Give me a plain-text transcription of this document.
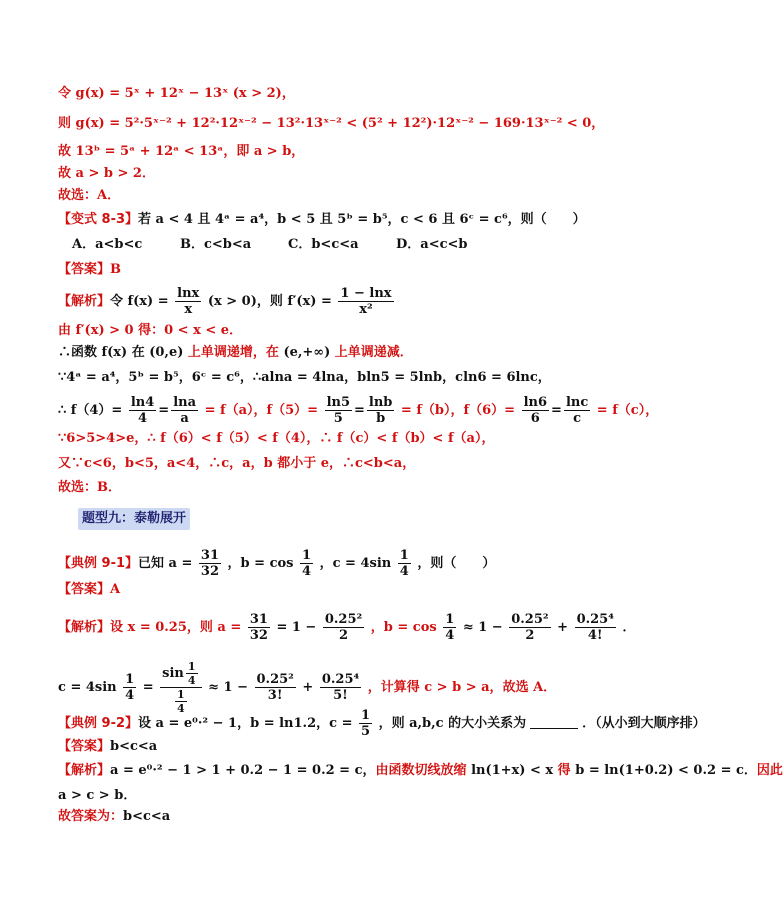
令 g(x) = 5ˣ + 12ˣ − 13ˣ (x > 2)，
则 g(x) = 5²·5ˣ⁻² + 12²·12ˣ⁻² − 13²·13ˣ⁻² < (5² + 12²)·12ˣ⁻² − 169·13ˣ⁻² < 0，
故 13ᵇ = 5ᵃ + 12ᵃ < 13ᵃ，即 a > b，
故 a > b > 2．
故选：A．
【变式 8-3】若 a < 4 且 4ᵃ = a⁴，b < 5 且 5ᵇ = b⁵，c < 6 且 6ᶜ = c⁶，则（　　）
A．a<b<c	B．c<b<a	C．b<c<a	D．a<c<b
【答案】B
【解析】令 $f(x) = \frac{\ln x}{x} (x > 0)$，则 $f'(x) = \frac{1 - \ln x}{\text{x²}}$
由 f′(x) > 0 得：0 < x < e．
∴函数 f(x) 在 (0,e) 上单调递增，在 (e,+∞) 上单调递减．
∵4ᵃ = a⁴，5ᵇ = b⁵，6ᶜ = c⁶，∴alna = 4lna，bln5 = 5lnb，cln6 = 6lnc，
∴ $f(4)= \frac{\ln 4}{4} = \frac{\ln a}{a} = f(a)$，$f(5)= \frac{\ln 5}{5} = \frac{\ln b}{b} = f(b)$，$f(6)= \frac{\ln 6}{6} = \frac{\ln c}{c} = f(c)$，
∵6>5>4>e，∴ f（6）< f（5）< f（4），∴ f（c）< f（b）< f（a），
又∵c<6，b<5，a<4，∴c，a，b 都小于 e，∴c<b<a，
故选：B．
题型九：泰勒展开
【典例 9-1】已知 $a = \frac{31}{32}$ ，$b = \cos \frac{1}{4}$ ，$c = 4\sin \frac{1}{4}$ ，则（　　）
【答案】A
【解析】设 x = 0.25，则 $a = \frac{31}{32} = 1 - \frac{\text{0.25²}}{2}$ ，$b = \cos \frac{1}{4} \approx 1 - \frac{\text{0.25²}}{2} + \frac{\text{0.25⁴}}{4!}$ ．
$c = 4\sin \frac{1}{4} = \frac{\sin \frac{1}{4}}{\frac{1}{4}} \approx 1 - \frac{\text{0.25²}}{3!} + \frac{\text{0.25⁴}}{5!}$ ，计算得 c > b > a，故选 A．
【典例 9-2】设 a = e⁰·² − 1，b = ln1.2，$c = \frac{1}{5}$ ，则 a,b,c 的大小关系为	．（从小到大顺序排）
【答案】b<c<a
【解析】a = e⁰·² − 1 > 1 + 0.2 − 1 = 0.2 = c，由函数切线放缩 ln(1+x) < x 得 b = ln(1+0.2) < 0.2 = c．因此
a > c > b．
故答案为：b<c<a
